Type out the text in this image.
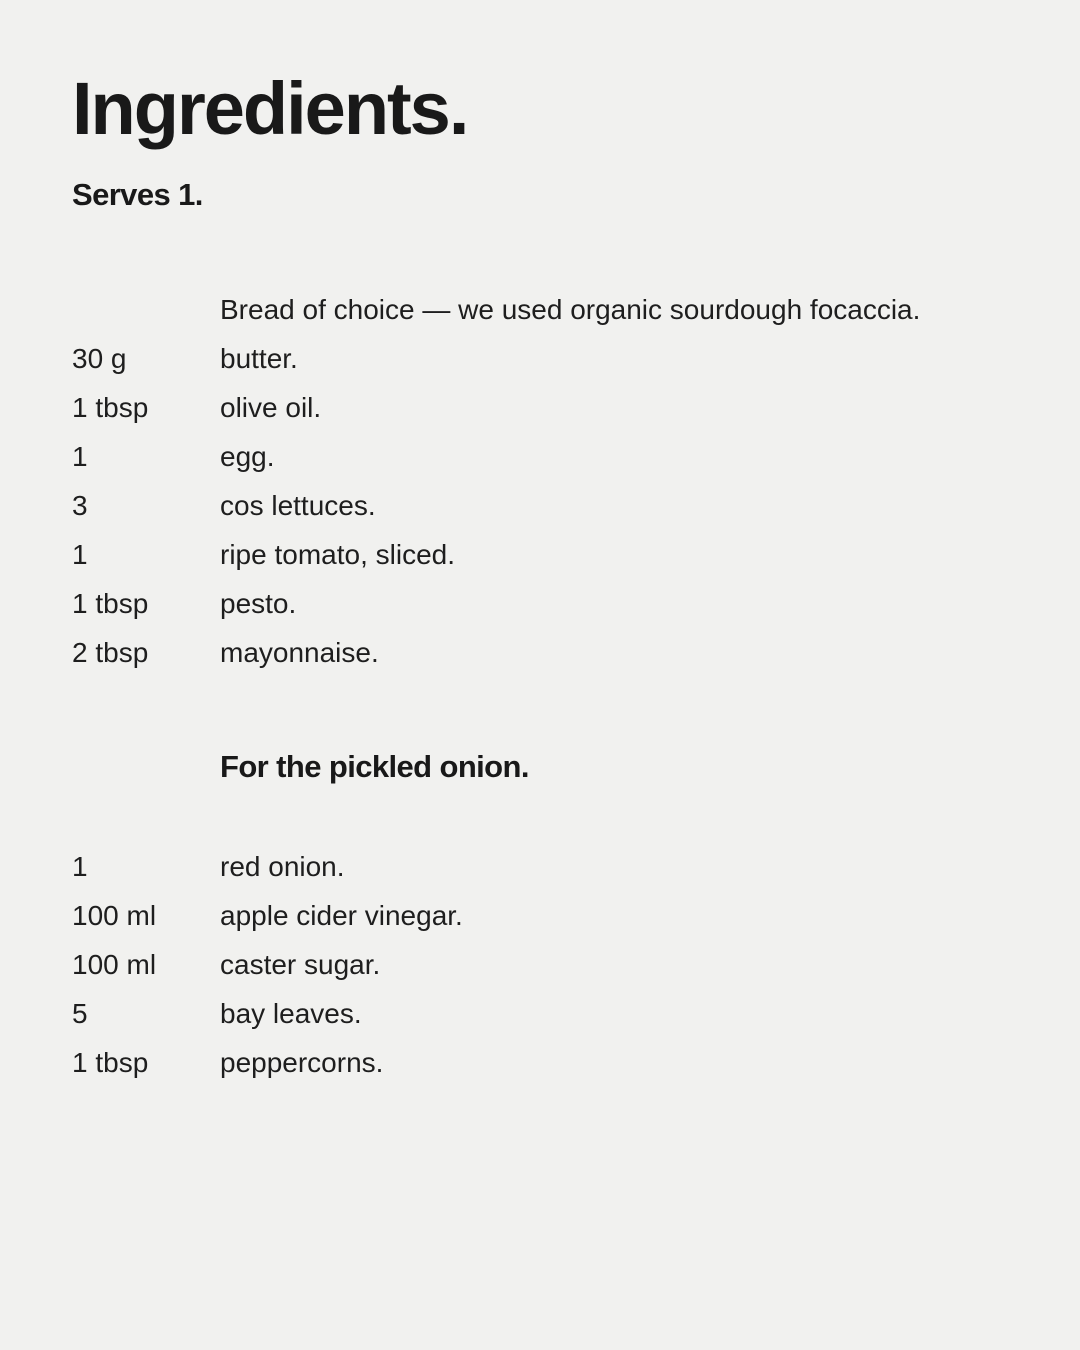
Ingredients.
Serves 1.
Bread of choice — we used organic sourdough focaccia.
30 g	butter.
1 tbsp	olive oil.
1	egg.
3	cos lettuces.
1	ripe tomato, sliced.
1 tbsp	pesto.
2 tbsp	mayonnaise.
For the pickled onion.
1	red onion.
100 ml	apple cider vinegar.
100 ml	caster sugar.
5	bay leaves.
1 tbsp	peppercorns.
